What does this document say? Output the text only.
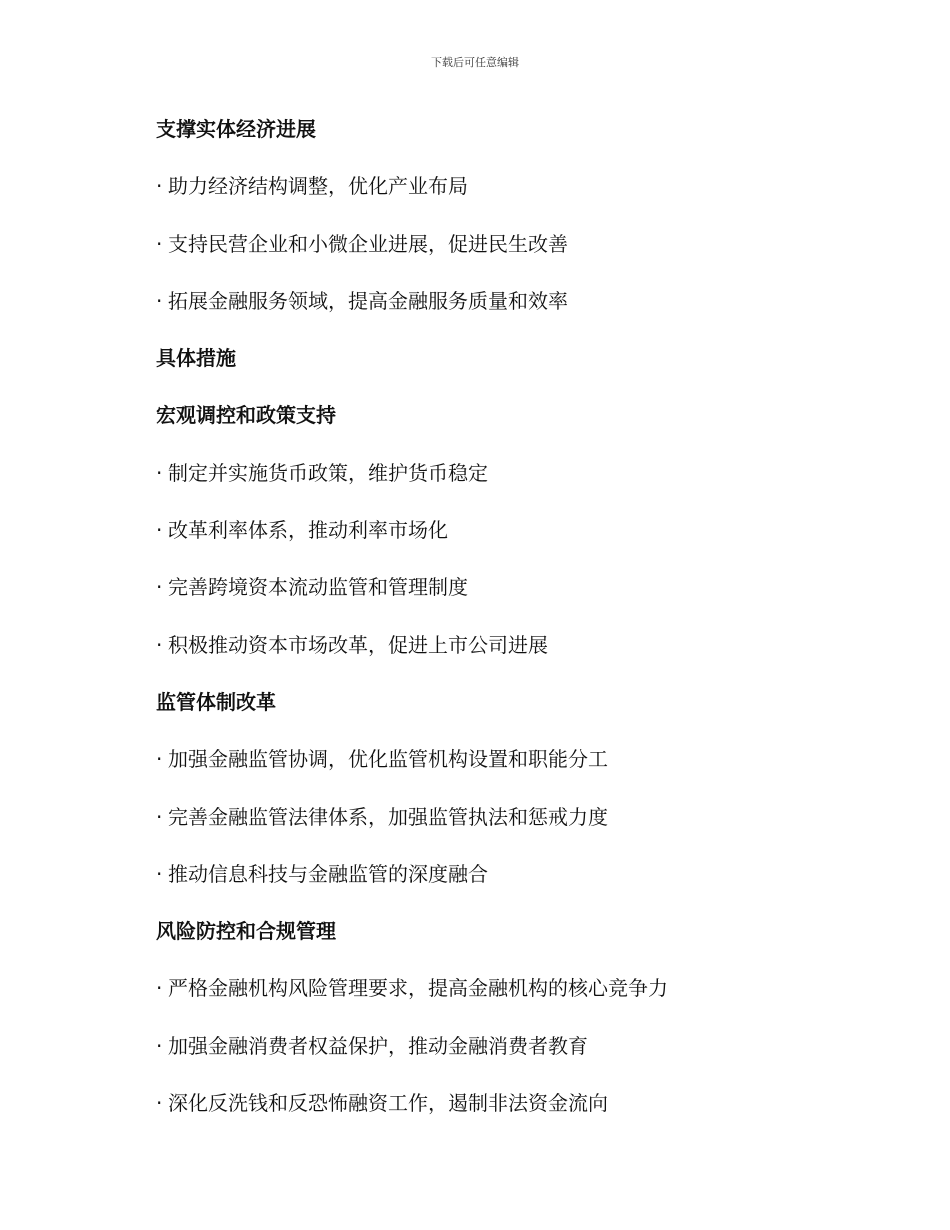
下载后可任意编辑
支撑实体经济进展
· 助力经济结构调整，优化产业布局
· 支持民营企业和小微企业进展，促进民生改善
· 拓展金融服务领域，提高金融服务质量和效率
具体措施
宏观调控和政策支持
· 制定并实施货币政策，维护货币稳定
· 改革利率体系，推动利率市场化
· 完善跨境资本流动监管和管理制度
· 积极推动资本市场改革，促进上市公司进展
监管体制改革
· 加强金融监管协调，优化监管机构设置和职能分工
· 完善金融监管法律体系，加强监管执法和惩戒力度
· 推动信息科技与金融监管的深度融合
风险防控和合规管理
· 严格金融机构风险管理要求，提高金融机构的核心竞争力
· 加强金融消费者权益保护，推动金融消费者教育
· 深化反洗钱和反恐怖融资工作，遏制非法资金流向
